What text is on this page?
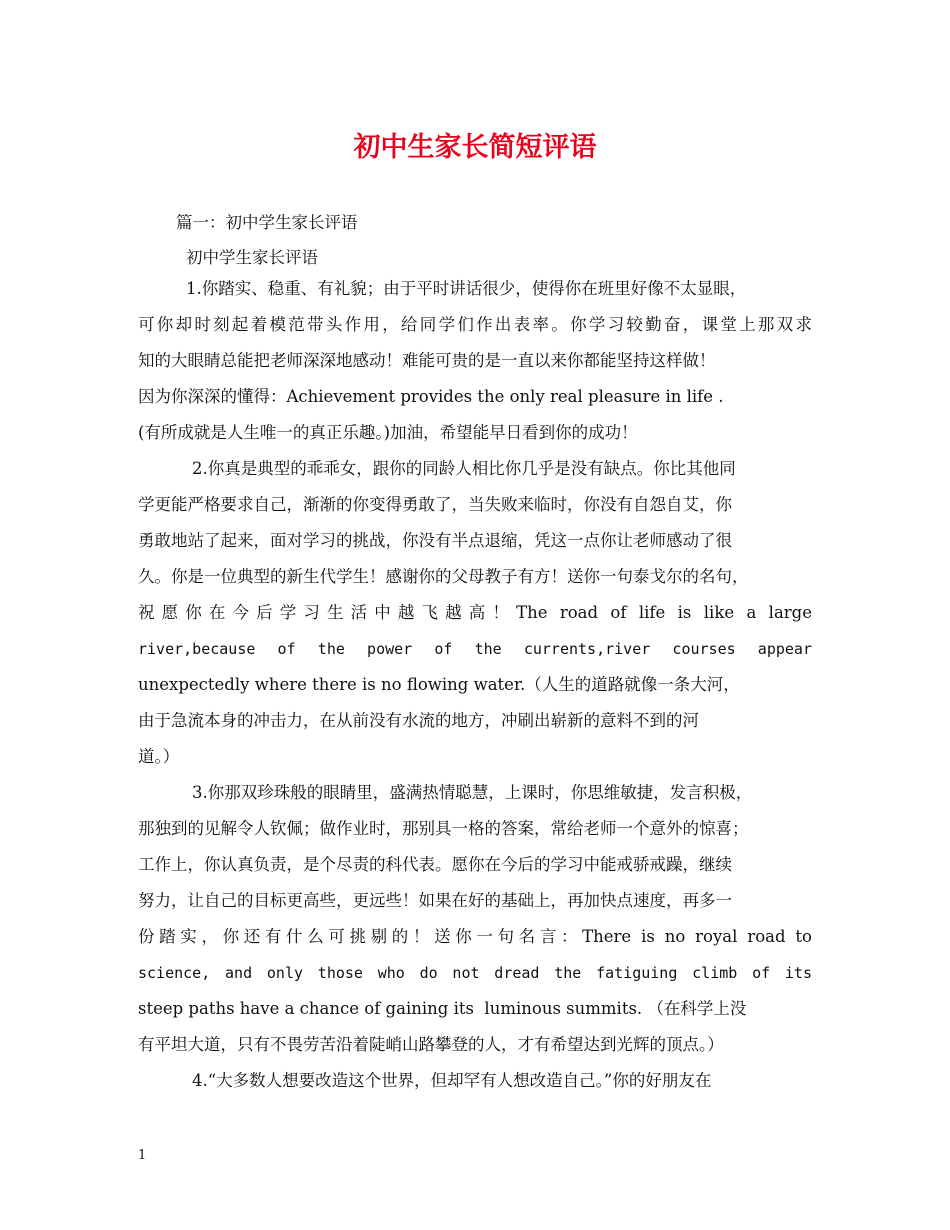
初中生家长简短评语
篇一：初中学生家长评语
初中学生家长评语
1.你踏实、稳重、有礼貌；由于平时讲话很少，使得你在班里好像不太显眼，
可你却时刻起着模范带头作用，给同学们作出表率。你学习较勤奋，课堂上那双求
知的大眼睛总能把老师深深地感动！难能可贵的是一直以来你都能坚持这样做！
因为你深深的懂得：Achievement provides the only real pleasure in life .
(有所成就是人生唯一的真正乐趣。)加油，希望能早日看到你的成功！
2.你真是典型的乖乖女，跟你的同龄人相比你几乎是没有缺点。你比其他同
学更能严格要求自己，渐渐的你变得勇敢了，当失败来临时，你没有自怨自艾，你
勇敢地站了起来，面对学习的挑战，你没有半点退缩，凭这一点你让老师感动了很
久。你是一位典型的新生代学生！感谢你的父母教子有方！送你一句泰戈尔的名句，
祝愿你在今后学习生活中越飞越高！The road of life is like a large
river,because of the power of the currents,river courses appear
unexpectedly where there is no flowing water.（人生的道路就像一条大河，
由于急流本身的冲击力，在从前没有水流的地方，冲刷出崭新的意料不到的河
道。）
3.你那双珍珠般的眼睛里，盛满热情聪慧，上课时，你思维敏捷，发言积极，
那独到的见解令人钦佩；做作业时，那别具一格的答案，常给老师一个意外的惊喜；
工作上，你认真负责，是个尽责的科代表。愿你在今后的学习中能戒骄戒躁，继续
努力，让自己的目标更高些，更远些！如果在好的基础上，再加快点速度，再多一
份踏实，你还有什么可挑剔的！送你一句名言：There is no royal road to
science, and only those who do not dread the fatiguing climb of its
steep paths have a chance of gaining its  luminous summits. （在科学上没
有平坦大道，只有不畏劳苦沿着陡峭山路攀登的人，才有希望达到光辉的顶点。）
4.“大多数人想要改造这个世界，但却罕有人想改造自己。”你的好朋友在
1
